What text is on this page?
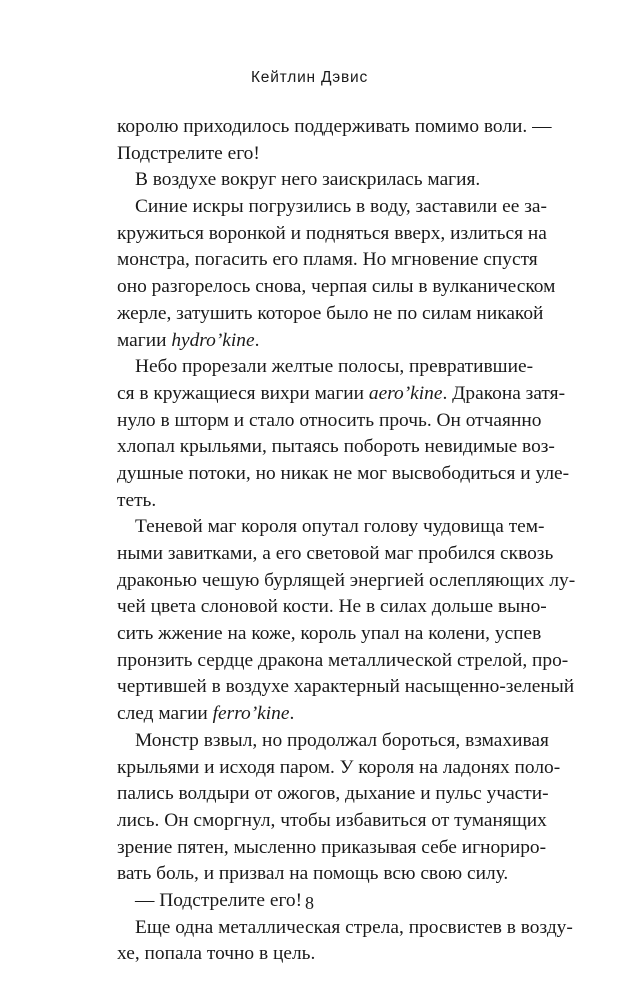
Кейтлин Дэвис
королю приходилось поддерживать помимо воли. —
Подстрелите его!
В воздухе вокруг него заискрилась магия.
Синие искры погрузились в воду, заставили ее за-
кружиться воронкой и подняться вверх, излиться на
монстра, погасить его пламя. Но мгновение спустя
оно разгорелось снова, черпая силы в вулканическом
жерле, затушить которое было не по силам никакой
магии hydro’kine.
Небо прорезали желтые полосы, превратившие-
ся в кружащиеся вихри магии aero’kine. Дракона затя-
нуло в шторм и стало относить прочь. Он отчаянно
хлопал крыльями, пытаясь побороть невидимые воз-
душные потоки, но никак не мог высвободиться и уле-
теть.
Теневой маг короля опутал голову чудовища тем-
ными завитками, а его световой маг пробился сквозь
драконью чешую бурлящей энергией ослепляющих лу-
чей цвета слоновой кости. Не в силах дольше выно-
сить жжение на коже, король упал на колени, успев
пронзить сердце дракона металлической стрелой, про-
чертившей в воздухе характерный насыщенно-зеленый
след магии ferro’kine.
Монстр взвыл, но продолжал бороться, взмахивая
крыльями и исходя паром. У короля на ладонях поло-
пались волдыри от ожогов, дыхание и пульс участи-
лись. Он сморгнул, чтобы избавиться от туманящих
зрение пятен, мысленно приказывая себе игнориро-
вать боль, и призвал на помощь всю свою силу.
— Подстрелите его!
Еще одна металлическая стрела, просвистев в возду-
хе, попала точно в цель.
8
